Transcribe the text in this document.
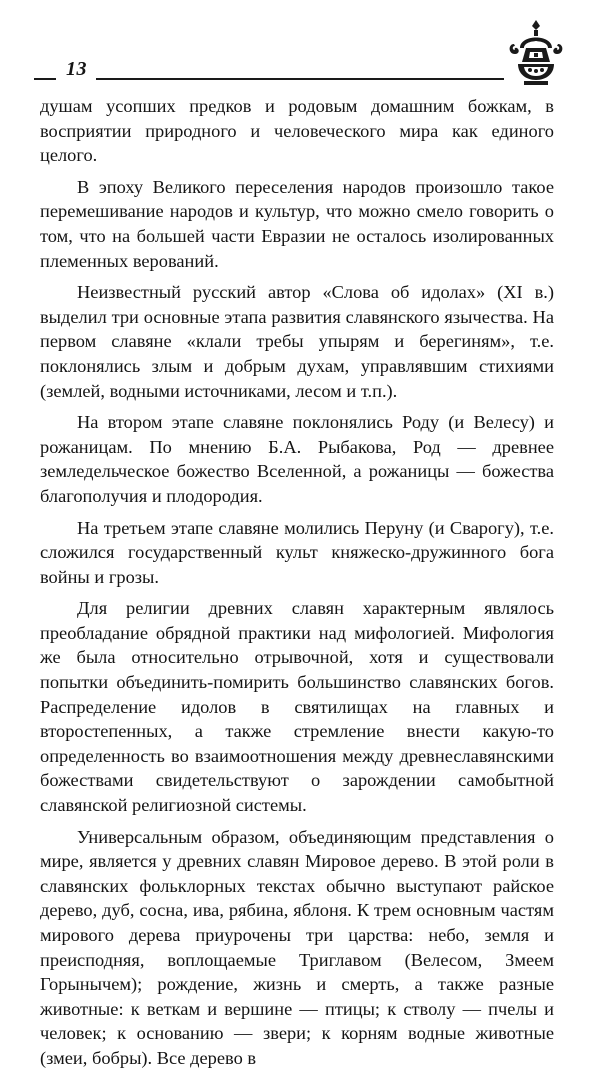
13

душам усопших предков и родовым домашним божкам, в восприятии природного и человеческого мира как единого целого.

В эпоху Великого переселения народов произошло такое перемешивание народов и культур, что можно смело говорить о том, что на большей части Евразии не осталось изолированных племенных верований.

Неизвестный русский автор «Слова об идолах» (XI в.) выделил три основные этапа развития славянского язычества. На первом славяне «клали требы упырям и берегиням», т.е. поклонялись злым и добрым духам, управлявшим стихиями (землей, водными источниками, лесом и т.п.).

На втором этапе славяне поклонялись Роду (и Велесу) и рожаницам. По мнению Б.А. Рыбакова, Род — древнее земледельческое божество Вселенной, а рожаницы — божества благополучия и плодородия.

На третьем этапе славяне молились Перуну (и Сварогу), т.е. сложился государственный культ княжеско-дружинного бога войны и грозы.

Для религии древних славян характерным являлось преобладание обрядной практики над мифологией. Мифология же была относительно отрывочной, хотя и существовали попытки объединить-помирить большинство славянских богов. Распределение идолов в святилищах на главных и второстепенных, а также стремление внести какую-то определенность во взаимоотношения между древнеславянскими божествами свидетельствуют о зарождении самобытной славянской религиозной системы.

Универсальным образом, объединяющим представления о мире, является у древних славян Мировое дерево. В этой роли в славянских фольклорных текстах обычно выступают райское дерево, дуб, сосна, ива, рябина, яблоня. К трем основным частям мирового дерева приурочены три царства: небо, земля и преисподняя, воплощаемые Триглавом (Велесом, Змеем Горынычем); рождение, жизнь и смерть, а также разные животные: к веткам и вершине — птицы; к стволу — пчелы и человек; к основанию — звери; к корням водные животные (змеи, бобры). Все дерево в
